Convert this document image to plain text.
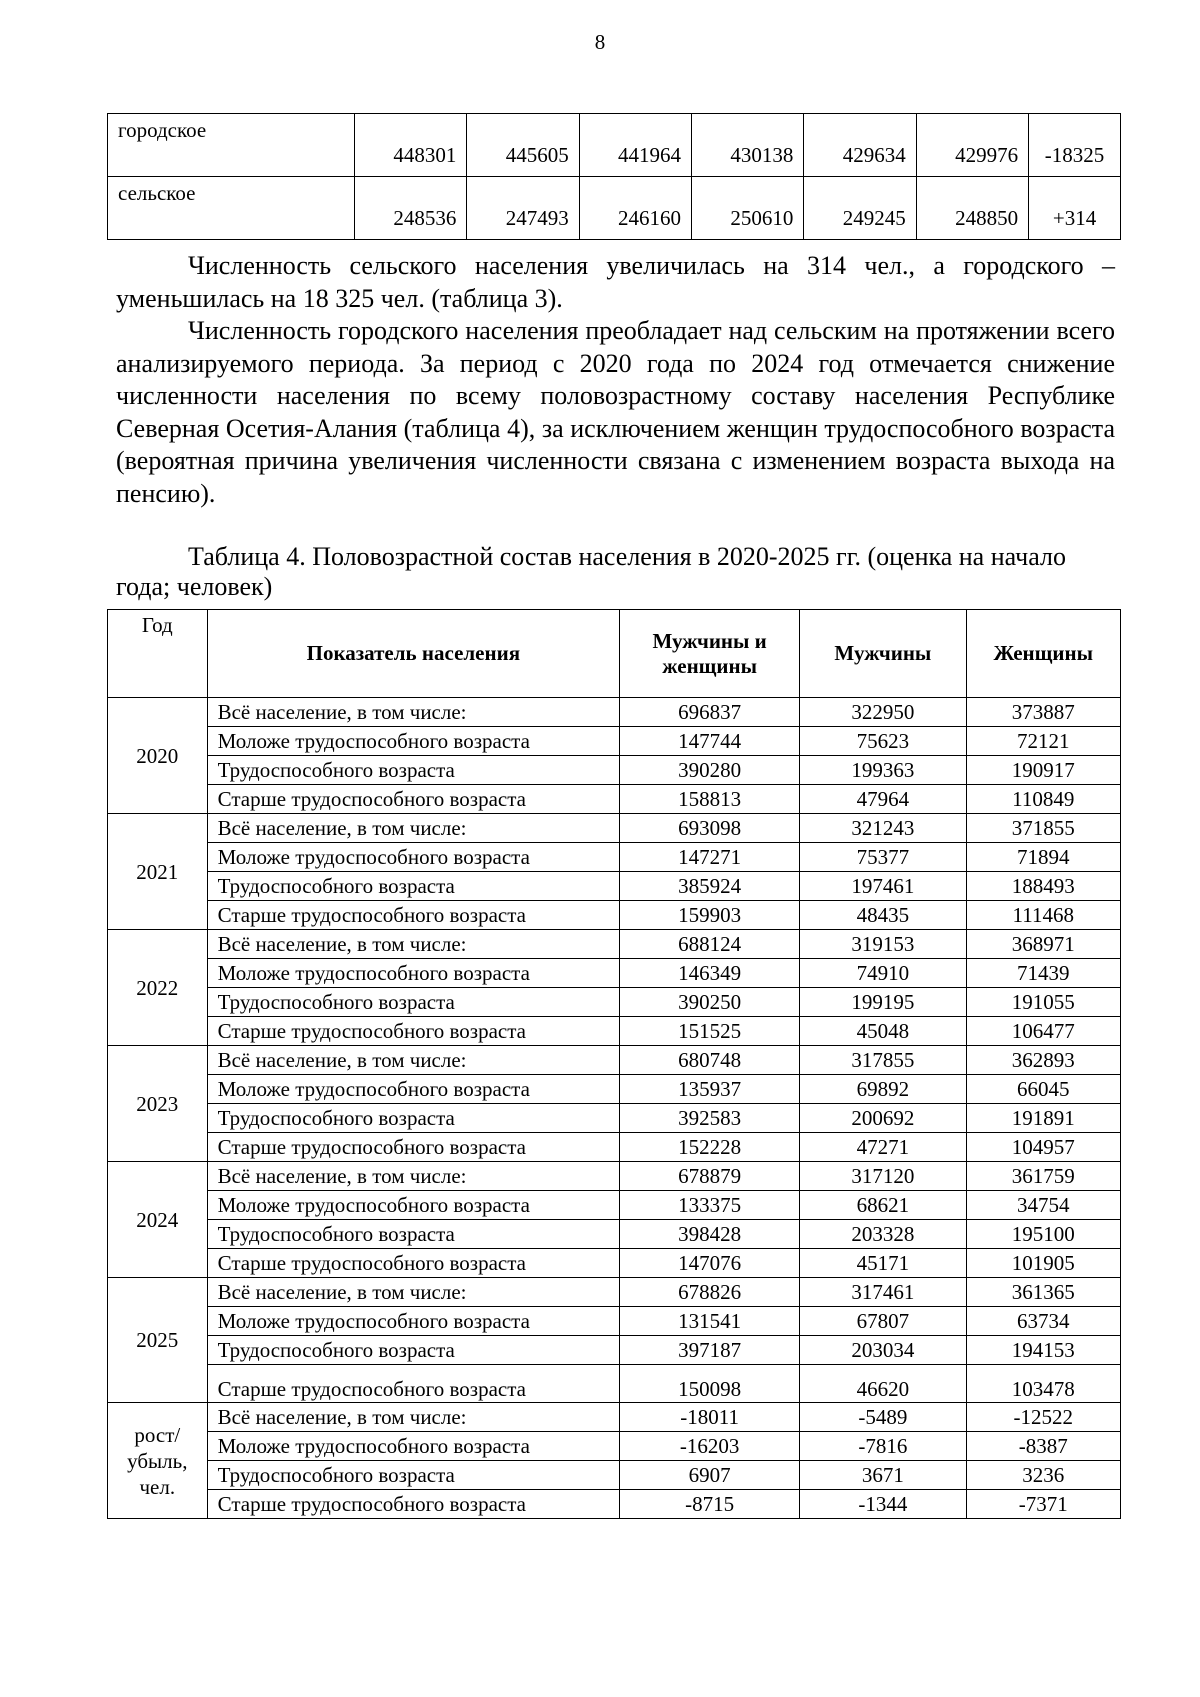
8
городское	448301	445605	441964	430138	429634	429976	-18325
сельское	248536	247493	246160	250610	249245	248850	+314

Численность сельского населения увеличилась на 314 чел., а городского – уменьшилась на 18 325 чел. (таблица 3).

Численность городского населения преобладает над сельским на протяжении всего анализируемого периода. За период с 2020 года по 2024 год отмечается снижение численности населения по всему половозрастному составу населения Республике Северная Осетия-Алания (таблица 4), за исключением женщин трудоспособного возраста (вероятная причина увеличения численности связана с изменением возраста выхода на пенсию).

Таблица 4. Половозрастной состав населения в 2020-2025 гг. (оценка на начало года; человек)

Год	Показатель населения	Мужчины и женщины	Мужчины	Женщины
2020	Всё население, в том числе:	696837	322950	373887
	Моложе трудоспособного возраста	147744	75623	72121
	Трудоспособного возраста	390280	199363	190917
	Старше трудоспособного возраста	158813	47964	110849
2021	Всё население, в том числе:	693098	321243	371855
	Моложе трудоспособного возраста	147271	75377	71894
	Трудоспособного возраста	385924	197461	188493
	Старше трудоспособного возраста	159903	48435	111468
2022	Всё население, в том числе:	688124	319153	368971
	Моложе трудоспособного возраста	146349	74910	71439
	Трудоспособного возраста	390250	199195	191055
	Старше трудоспособного возраста	151525	45048	106477
2023	Всё население, в том числе:	680748	317855	362893
	Моложе трудоспособного возраста	135937	69892	66045
	Трудоспособного возраста	392583	200692	191891
	Старше трудоспособного возраста	152228	47271	104957
2024	Всё население, в том числе:	678879	317120	361759
	Моложе трудоспособного возраста	133375	68621	34754
	Трудоспособного возраста	398428	203328	195100
	Старше трудоспособного возраста	147076	45171	101905
2025	Всё население, в том числе:	678826	317461	361365
	Моложе трудоспособного возраста	131541	67807	63734
	Трудоспособного возраста	397187	203034	194153
	Старше трудоспособного возраста	150098	46620	103478
рост/ убыль, чел.	Всё население, в том числе:	-18011	-5489	-12522
	Моложе трудоспособного возраста	-16203	-7816	-8387
	Трудоспособного возраста	6907	3671	3236
	Старше трудоспособного возраста	-8715	-1344	-7371
